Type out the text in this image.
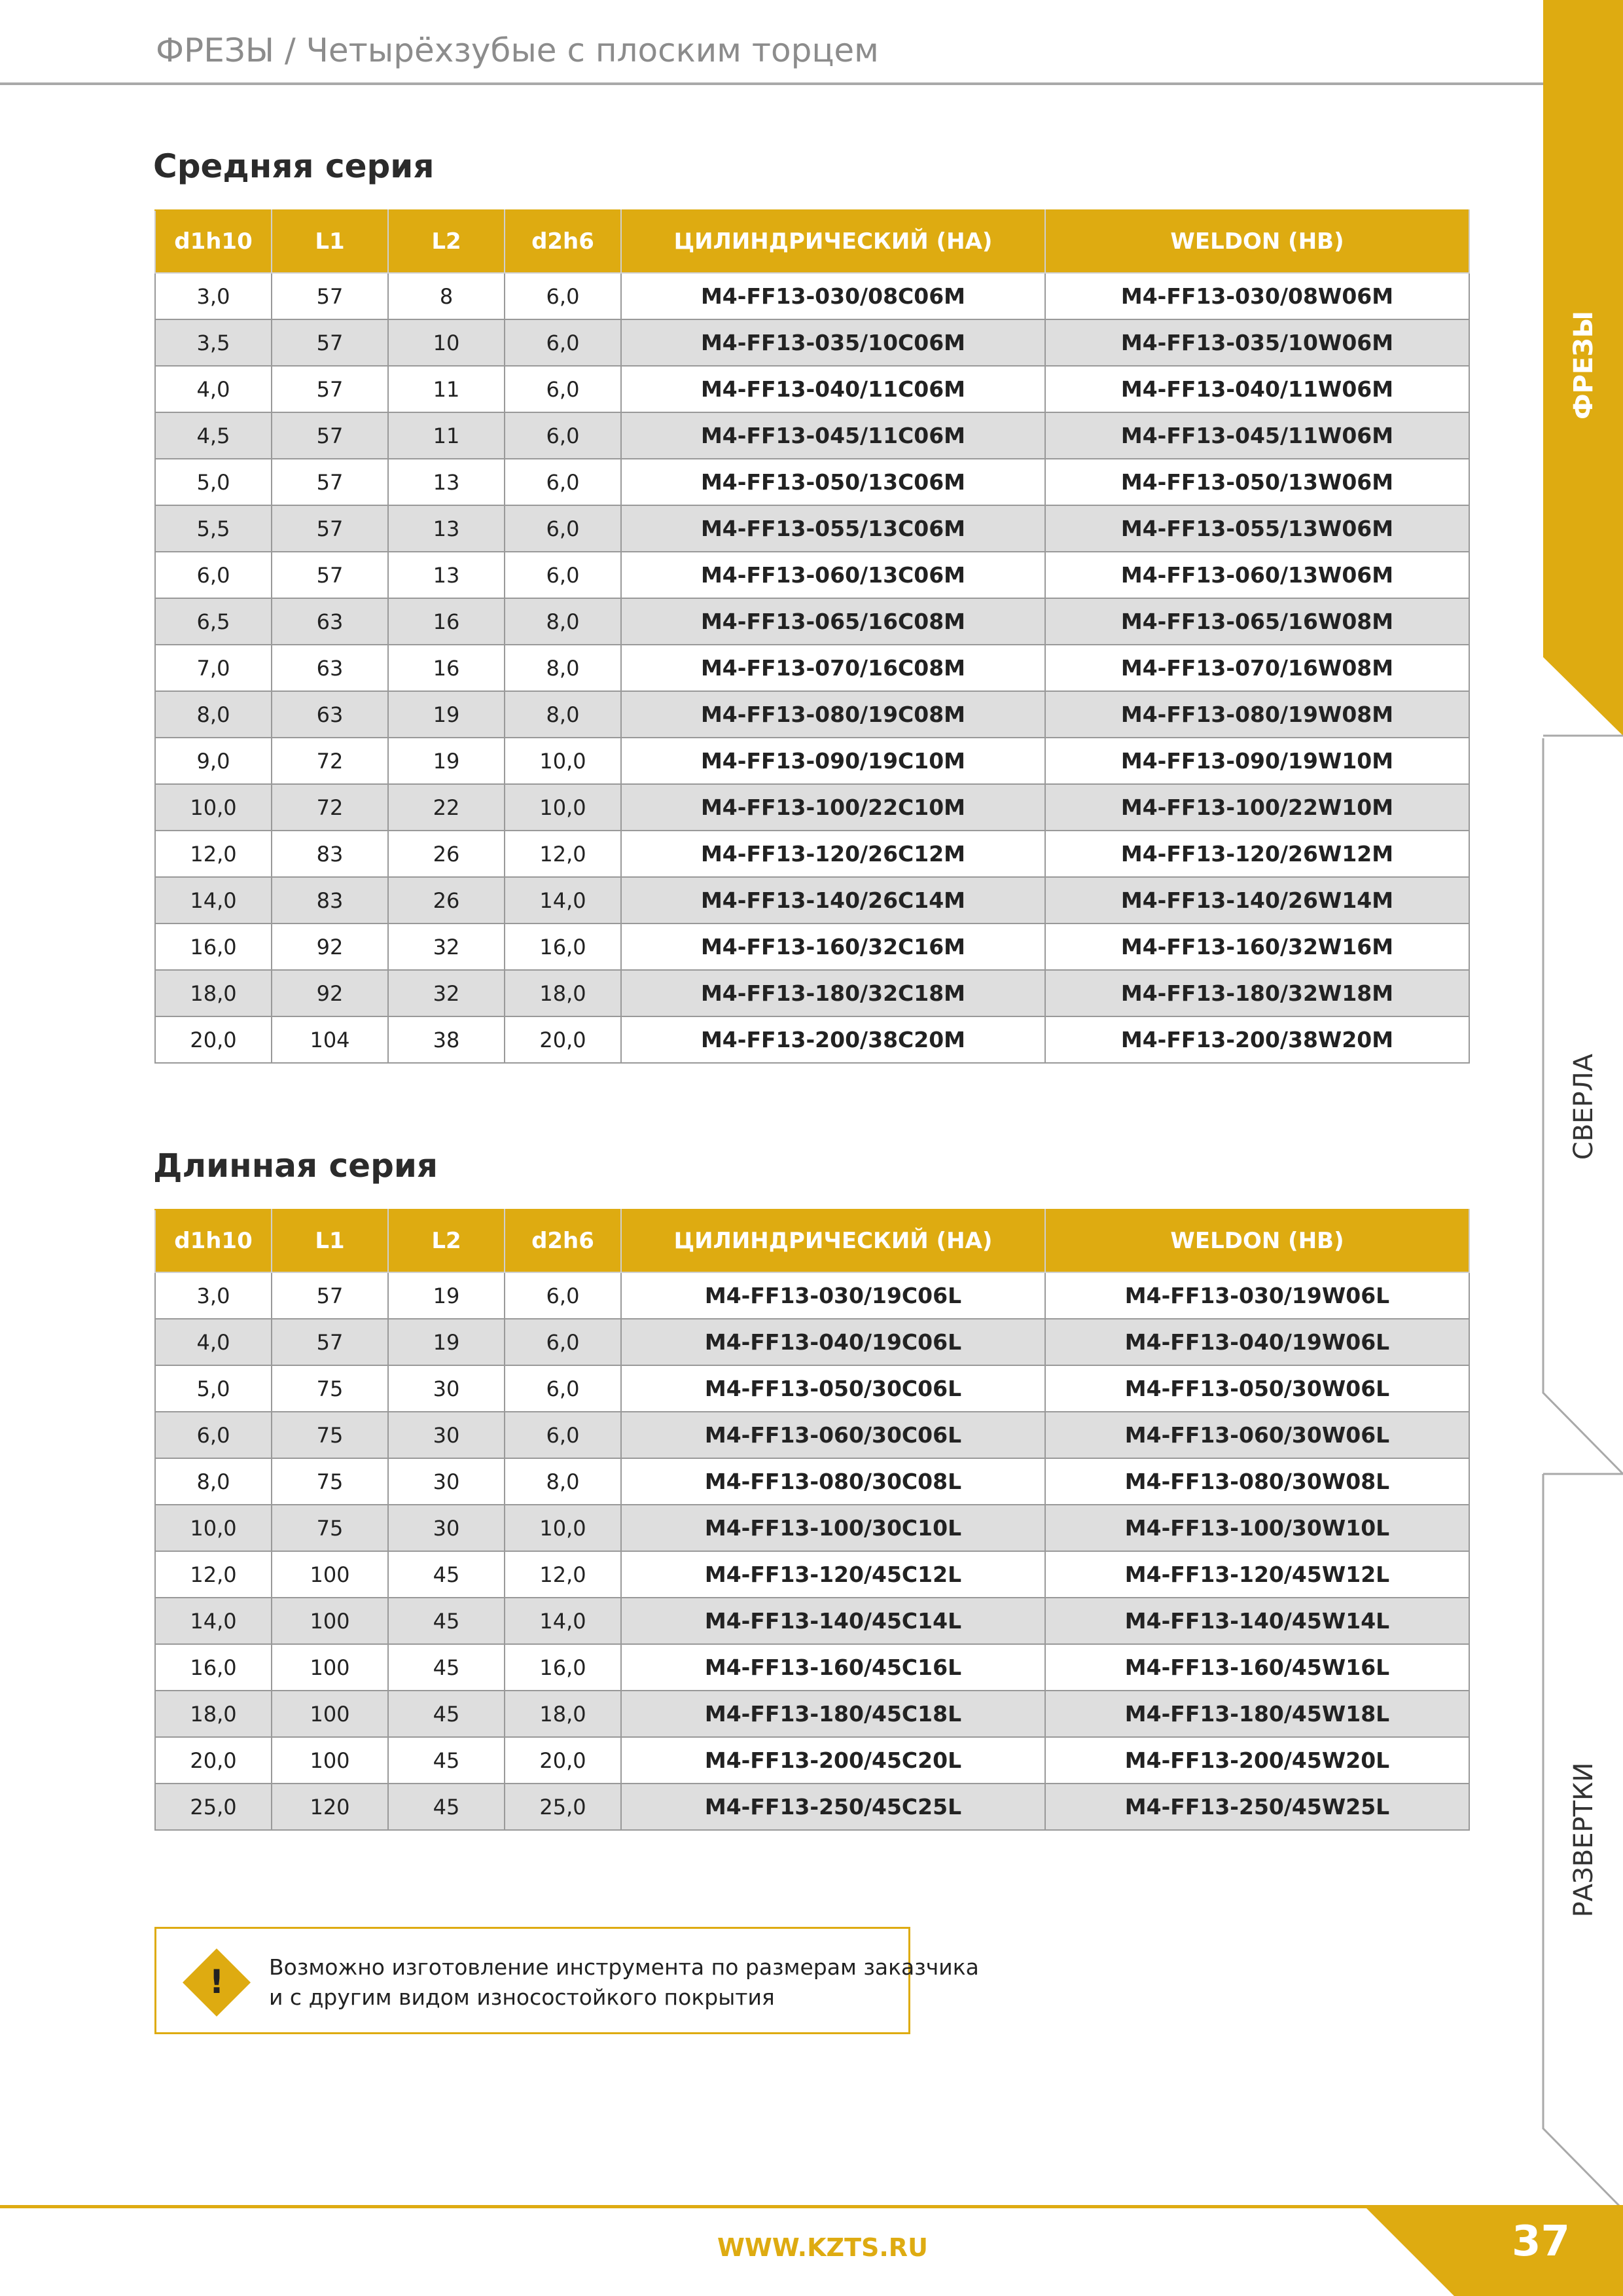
ФРЕЗЫ / Четырёхзубые с плоским торцем
Средняя серия
d1h10	L1	L2	d2h6	ЦИЛИНДРИЧЕСКИЙ (HA)	WELDON (HB)
3,0	57	8	6,0	M4-FF13-030/08C06M	M4-FF13-030/08W06M
3,5	57	10	6,0	M4-FF13-035/10C06M	M4-FF13-035/10W06M
4,0	57	11	6,0	M4-FF13-040/11C06M	M4-FF13-040/11W06M
4,5	57	11	6,0	M4-FF13-045/11C06M	M4-FF13-045/11W06M
5,0	57	13	6,0	M4-FF13-050/13C06M	M4-FF13-050/13W06M
5,5	57	13	6,0	M4-FF13-055/13C06M	M4-FF13-055/13W06M
6,0	57	13	6,0	M4-FF13-060/13C06M	M4-FF13-060/13W06M
6,5	63	16	8,0	M4-FF13-065/16C08M	M4-FF13-065/16W08M
7,0	63	16	8,0	M4-FF13-070/16C08M	M4-FF13-070/16W08M
8,0	63	19	8,0	M4-FF13-080/19C08M	M4-FF13-080/19W08M
9,0	72	19	10,0	M4-FF13-090/19C10M	M4-FF13-090/19W10M
10,0	72	22	10,0	M4-FF13-100/22C10M	M4-FF13-100/22W10M
12,0	83	26	12,0	M4-FF13-120/26C12M	M4-FF13-120/26W12M
14,0	83	26	14,0	M4-FF13-140/26C14M	M4-FF13-140/26W14M
16,0	92	32	16,0	M4-FF13-160/32C16M	M4-FF13-160/32W16M
18,0	92	32	18,0	M4-FF13-180/32C18M	M4-FF13-180/32W18M
20,0	104	38	20,0	M4-FF13-200/38C20M	M4-FF13-200/38W20M
Длинная серия
d1h10	L1	L2	d2h6	ЦИЛИНДРИЧЕСКИЙ (HA)	WELDON (HB)
3,0	57	19	6,0	M4-FF13-030/19C06L	M4-FF13-030/19W06L
4,0	57	19	6,0	M4-FF13-040/19C06L	M4-FF13-040/19W06L
5,0	75	30	6,0	M4-FF13-050/30C06L	M4-FF13-050/30W06L
6,0	75	30	6,0	M4-FF13-060/30C06L	M4-FF13-060/30W06L
8,0	75	30	8,0	M4-FF13-080/30C08L	M4-FF13-080/30W08L
10,0	75	30	10,0	M4-FF13-100/30C10L	M4-FF13-100/30W10L
12,0	100	45	12,0	M4-FF13-120/45C12L	M4-FF13-120/45W12L
14,0	100	45	14,0	M4-FF13-140/45C14L	M4-FF13-140/45W14L
16,0	100	45	16,0	M4-FF13-160/45C16L	M4-FF13-160/45W16L
18,0	100	45	18,0	M4-FF13-180/45C18L	M4-FF13-180/45W18L
20,0	100	45	20,0	M4-FF13-200/45C20L	M4-FF13-200/45W20L
25,0	120	45	25,0	M4-FF13-250/45C25L	M4-FF13-250/45W25L
! Возможно изготовление инструмента по размерам заказчика
и с другим видом износостойкого покрытия
ФРЕЗЫ
СВЕРЛА
РАЗВЕРТКИ
WWW.KZTS.RU	37
